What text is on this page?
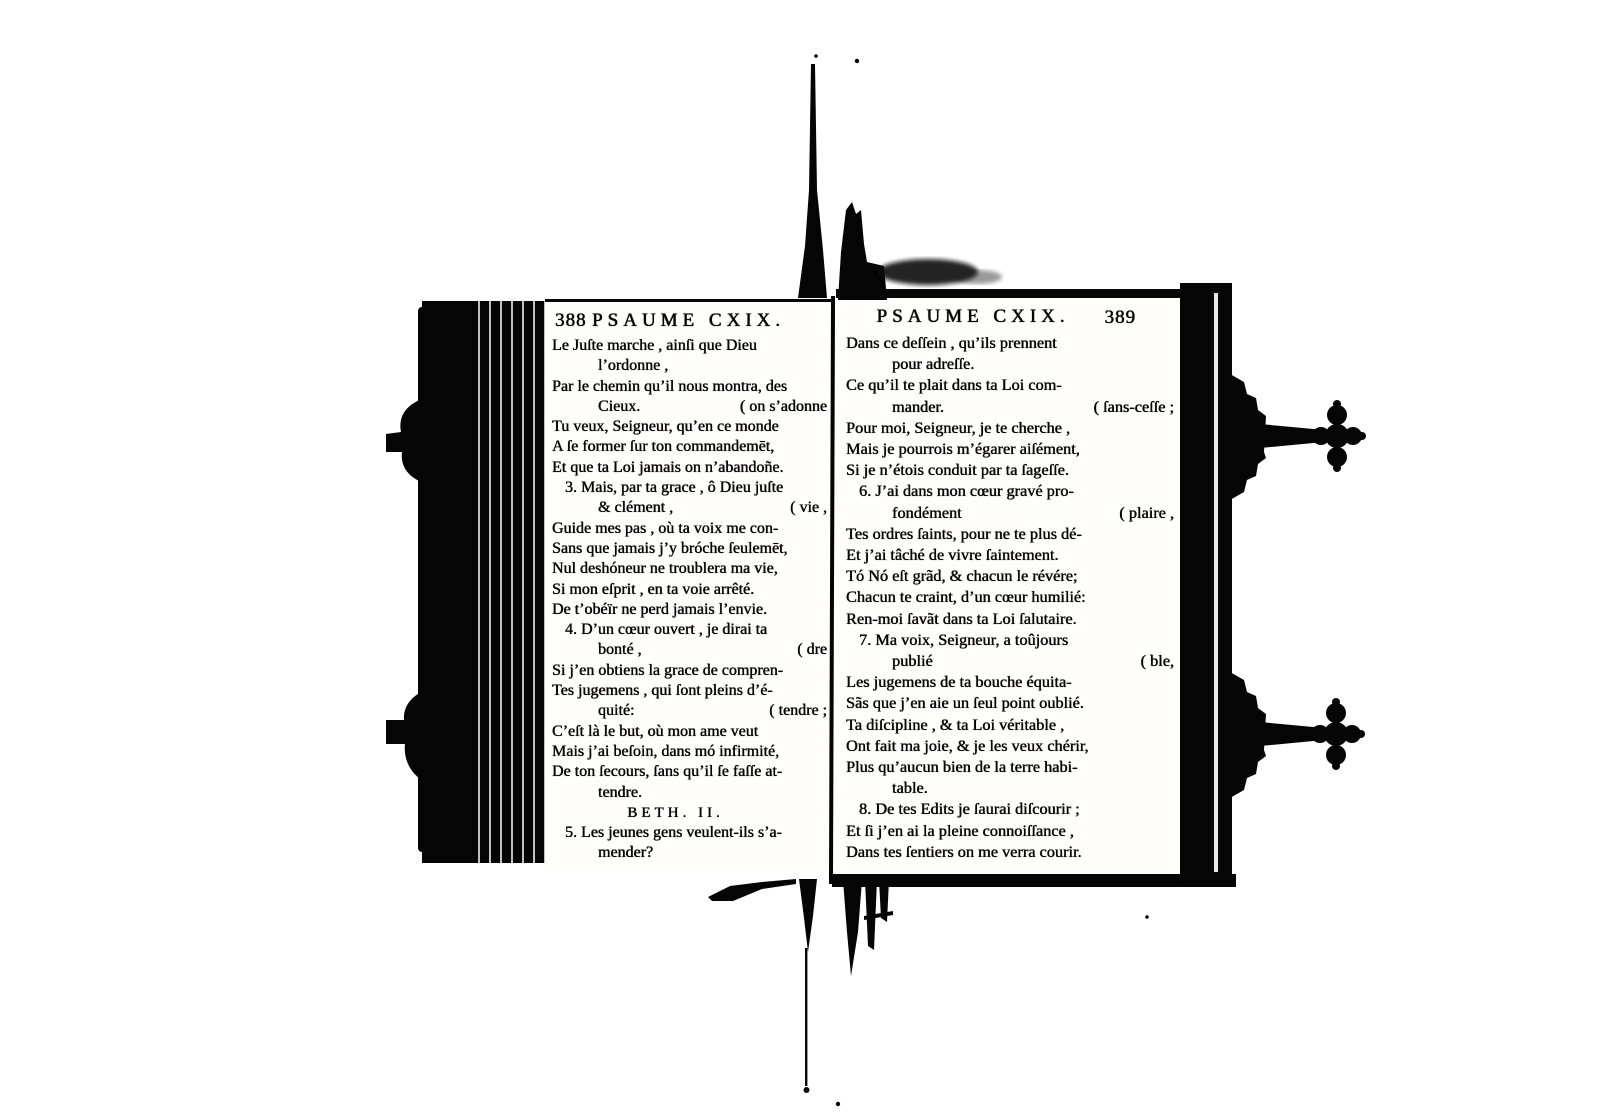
388 PSAUME CXIX.
Le Juſte marche , ainſi que Dieu
l’ordonne ,
Par le chemin qu’il nous montra, des
Cieux.	( on s’adonne
Tu veux, Seigneur, qu’en ce monde
A ſe former ſur ton commandemēt,
Et que ta Loi jamais on n’abandoñe.
3. Mais, par ta grace , ô Dieu juſte
& clément ,	( vie ,
Guide mes pas , où ta voix me con-
Sans que jamais j’y bróche ſeulemēt,
Nul deshóneur ne troublera ma vie,
Si mon eſprit , en ta voie arrêté.
De t’obéïr ne perd jamais l’envie.
4. D’un cœur ouvert , je dirai ta
bonté ,	( dre
Si j’en obtiens la grace de compren-
Tes jugemens , qui ſont pleins d’é-
quité:	( tendre ;
C’eſt là le but, où mon ame veut
Mais j’ai beſoin, dans mó infirmité,
De ton ſecours, ſans qu’il ſe faſſe at-
tendre.
BETH. II.
5. Les jeunes gens veulent-ils s’a-
mender?
PSAUME CXIX. 389
Dans ce deſſein , qu’ils prennent
pour adreſſe.
Ce qu’il te plait dans ta Loi com-
mander.	( ſans-ceſſe ;
Pour moi, Seigneur, je te cherche ,
Mais je pourrois m’égarer aiſément,
Si je n’étois conduit par ta ſageſſe.
6. J’ai dans mon cœur gravé pro-
fondément	( plaire ,
Tes ordres ſaints, pour ne te plus dé-
Et j’ai tâché de vivre ſaintement.
Tó Nó eſt grãd, & chacun le révére;
Chacun te craint, d’un cœur humilié:
Ren-moi ſavãt dans ta Loi ſalutaire.
7. Ma voix, Seigneur, a toûjours
publié	( ble,
Les jugemens de ta bouche équita-
Sãs que j’en aie un ſeul point oublié.
Ta diſcipline , & ta Loi véritable ,
Ont fait ma joie, & je les veux chérir,
Plus qu’aucun bien de la terre habi-
table.
8. De tes Edits je ſaurai diſcourir ;
Et ſi j’en ai la pleine connoiſſance ,
Dans tes ſentiers on me verra courir.
